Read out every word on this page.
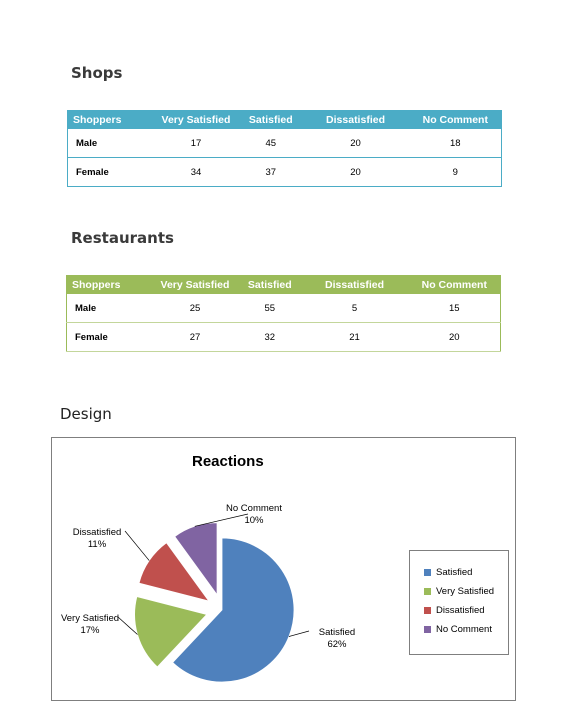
Shops
Shoppers	Very Satisfied	Satisfied	Dissatisfied	No Comment
Male	17	45	20	18
Female	34	37	20	9
Restaurants
Shoppers	Very Satisfied	Satisfied	Dissatisfied	No Comment
Male	25	55	5	15
Female	27	32	21	20
Design
Reactions
Satisfied
62%
Very Satisfied
17%
Dissatisfied
11%
No Comment
10%
Satisfied
Very Satisfied
Dissatisfied
No Comment
